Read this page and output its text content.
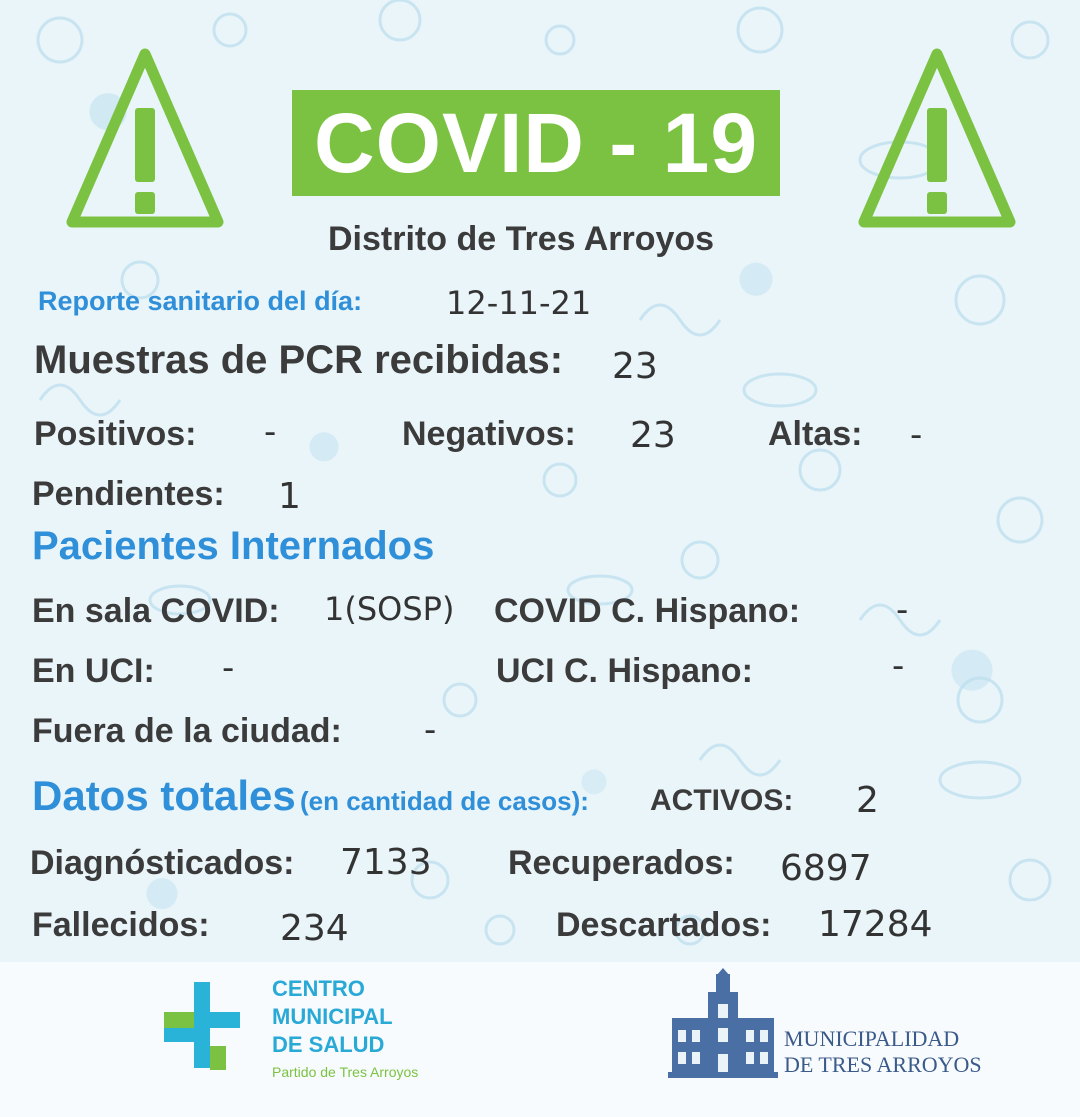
COVID - 19
Distrito de Tres Arroyos
Reporte sanitario del día:	12-11-21
Muestras de PCR recibidas: 23
Positivos: -	Negativos: 23	Altas: -
Pendientes: 1
Pacientes Internados
En sala COVID: 1(SOSP) COVID C. Hispano:	-
En UCI: -	UCI C. Hispano:	-
Fuera de la ciudad: -
Datos totales (en cantidad de casos): ACTIVOS: 2
Diagnósticados: 7133 Recuperados: 6897
Fallecidos: 234	Descartados: 17284
CENTRO
MUNICIPAL
DE SALUD
Partido de Tres Arroyos
MUNICIPALIDAD
DE TRES ARROYOS
